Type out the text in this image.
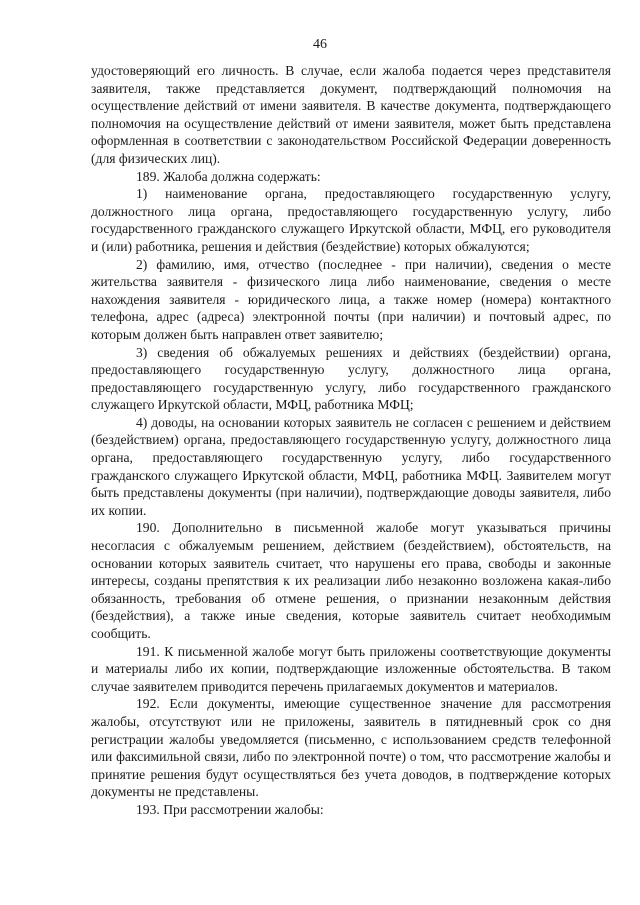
46

удостоверяющий его личность. В случае, если жалоба подается через представителя заявителя, также представляется документ, подтверждающий полномочия на осуществление действий от имени заявителя. В качестве документа, подтверждающего полномочия на осуществление действий от имени заявителя, может быть представлена оформленная в соответствии с законодательством Российской Федерации доверенность (для физических лиц).

189. Жалоба должна содержать:

1) наименование органа, предоставляющего государственную услугу, должностного лица органа, предоставляющего государственную услугу, либо государственного гражданского служащего Иркутской области, МФЦ, его руководителя и (или) работника, решения и действия (бездействие) которых обжалуются;

2) фамилию, имя, отчество (последнее - при наличии), сведения о месте жительства заявителя - физического лица либо наименование, сведения о месте нахождения заявителя - юридического лица, а также номер (номера) контактного телефона, адрес (адреса) электронной почты (при наличии) и почтовый адрес, по которым должен быть направлен ответ заявителю;

3) сведения об обжалуемых решениях и действиях (бездействии) органа, предоставляющего государственную услугу, должностного лица органа, предоставляющего государственную услугу, либо государственного гражданского служащего Иркутской области, МФЦ, работника МФЦ;

4) доводы, на основании которых заявитель не согласен с решением и действием (бездействием) органа, предоставляющего государственную услугу, должностного лица органа, предоставляющего государственную услугу, либо государственного гражданского служащего Иркутской области, МФЦ, работника МФЦ. Заявителем могут быть представлены документы (при наличии), подтверждающие доводы заявителя, либо их копии.

190. Дополнительно в письменной жалобе могут указываться причины несогласия с обжалуемым решением, действием (бездействием), обстоятельств, на основании которых заявитель считает, что нарушены его права, свободы и законные интересы, созданы препятствия к их реализации либо незаконно возложена какая-либо обязанность, требования об отмене решения, о признании незаконным действия (бездействия), а также иные сведения, которые заявитель считает необходимым сообщить.

191. К письменной жалобе могут быть приложены соответствующие документы и материалы либо их копии, подтверждающие изложенные обстоятельства. В таком случае заявителем приводится перечень прилагаемых документов и материалов.

192. Если документы, имеющие существенное значение для рассмотрения жалобы, отсутствуют или не приложены, заявитель в пятидневный срок со дня регистрации жалобы уведомляется (письменно, с использованием средств телефонной или факсимильной связи, либо по электронной почте) о том, что рассмотрение жалобы и принятие решения будут осуществляться без учета доводов, в подтверждение которых документы не представлены.

193. При рассмотрении жалобы:
